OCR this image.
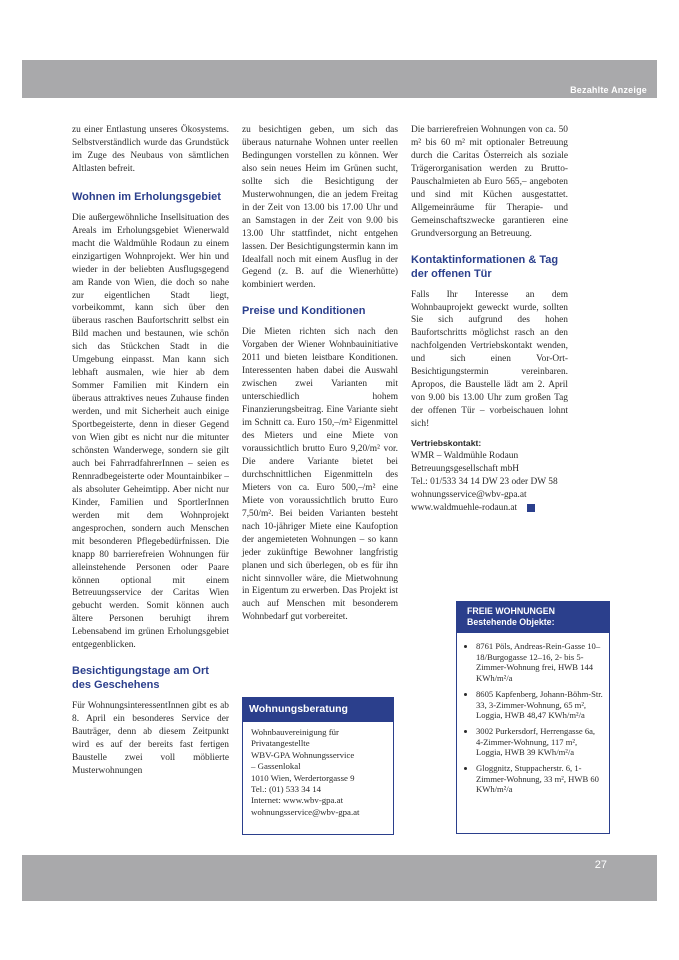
Bezahlte Anzeige

zu einer Entlastung unseres Ökosystems. Selbstverständlich wurde das Grundstück im Zuge des Neubaus von sämtlichen Altlasten befreit.

Wohnen im Erholungsgebiet

Die außergewöhnliche Insellsituation des Areals im Erholungsgebiet Wienerwald macht die Waldmühle Rodaun zu einem einzigartigen Wohnprojekt. Wer hin und wieder in der beliebten Ausflugsgegend am Rande von Wien, die doch so nahe zur eigentlichen Stadt liegt, vorbeikommt, kann sich über den überaus raschen Baufortschritt selbst ein Bild machen und bestaunen, wie schön sich das Stückchen Stadt in die Umgebung einpasst. Man kann sich lebhaft ausmalen, wie hier ab dem Sommer Familien mit Kindern ein überaus attraktives neues Zuhause finden werden, und mit Sicherheit auch einige Sportbegeisterte, denn in dieser Gegend von Wien gibt es nicht nur die mitunter schönsten Wanderwege, sondern sie gilt auch bei FahrradfahrerInnen – seien es Rennradbegeisterte oder Mountainbiker – als absoluter Geheimtipp. Aber nicht nur Kinder, Familien und SportlerInnen werden mit dem Wohnprojekt angesprochen, sondern auch Menschen mit besonderen Pflegebedürfnissen. Die knapp 80 barrierefreien Wohnungen für alleinstehende Personen oder Paare können optional mit einem Betreuungsservice der Caritas Wien gebucht werden. Somit können auch ältere Personen beruhigt ihrem Lebensabend im grünen Erholungsgebiet entgegenblicken.

Besichtigungstage am Ort des Geschehens

Für WohnungsinteressentInnen gibt es ab 8. April ein besonderes Service der Bauträger, denn ab diesem Zeitpunkt wird es auf der bereits fast fertigen Baustelle zwei voll möblierte Musterwohnungen

zu besichtigen geben, um sich das überaus naturnahe Wohnen unter reellen Bedingungen vorstellen zu können. Wer also sein neues Heim im Grünen sucht, sollte sich die Besichtigung der Musterwohnungen, die an jedem Freitag in der Zeit von 13.00 bis 17.00 Uhr und an Samstagen in der Zeit von 9.00 bis 13.00 Uhr stattfindet, nicht entgehen lassen. Der Besichtigungstermin kann im Idealfall noch mit einem Ausflug in der Gegend (z. B. auf die Wienerhütte) kombiniert werden.

Preise und Konditionen

Die Mieten richten sich nach den Vorgaben der Wiener Wohnbauinitiative 2011 und bieten leistbare Konditionen. Interessenten haben dabei die Auswahl zwischen zwei Varianten mit unterschiedlich hohem Finanzierungsbeitrag. Eine Variante sieht im Schnitt ca. Euro 150,–/m² Eigenmittel des Mieters und eine Miete von voraussichtlich brutto Euro 9,20/m² vor. Die andere Variante bietet bei durchschnittlichen Eigenmitteln des Mieters von ca. Euro 500,–/m² eine Miete von voraussichtlich brutto Euro 7,50/m². Bei beiden Varianten besteht nach 10-jähriger Miete eine Kaufoption der angemieteten Wohnungen – so kann jeder zukünftige Bewohner langfristig planen und sich überlegen, ob es für ihn nicht sinnvoller wäre, die Mietwohnung in Eigentum zu erwerben. Das Projekt ist auch auf Menschen mit besonderem Wohnbedarf gut vorbereitet.

Die barrierefreien Wohnungen von ca. 50 m² bis 60 m² mit optionaler Betreuung durch die Caritas Österreich als soziale Trägerorganisation werden zu Brutto-Pauschalmieten ab Euro 565,– angeboten und sind mit Küchen ausgestattet. Allgemeinräume für Therapie- und Gemeinschaftszwecke garantieren eine Grundversorgung an Betreuung.

Kontaktinformationen & Tag der offenen Tür

Falls Ihr Interesse an dem Wohnbauprojekt geweckt wurde, sollten Sie sich aufgrund des hohen Baufortschritts möglichst rasch an den nachfolgenden Vertriebskontakt wenden, und sich einen Vor-Ort-Besichtigungstermin vereinbaren. Apropos, die Baustelle lädt am 2. April von 9.00 bis 13.00 Uhr zum großen Tag der offenen Tür – vorbeischauen lohnt sich!

Vertriebskontakt:
WMR – Waldmühle Rodaun
Betreuungsgesellschaft mbH
Tel.: 01/533 34 14 DW 23 oder DW 58
wohnungsservice@wbv-gpa.at
www.waldmuehle-rodaun.at
Wohnungsberatung
Wohnbauvereinigung für
Privatangestellte
WBV-GPA Wohnungsservice
– Gassenlokal
1010 Wien, Werdertorgasse 9
Tel.: (01) 533 34 14
Internet: www.wbv-gpa.at
wohnungsservice@wbv-gpa.at
FREIE WOHNUNGEN
Bestehende Objekte:
• 8761 Pöls, Andreas-Rein-Gasse 10–18/Burgogasse 12–16, 2- bis 5-Zimmer-Wohnung frei, HWB 144 KWh/m²/a
• 8605 Kapfenberg, Johann-Böhm-Str. 33, 3-Zimmer-Wohnung, 65 m², Loggia, HWB 48,47 KWh/m²/a
• 3002 Purkersdorf, Herrengasse 6a, 4-Zimmer-Wohnung, 117 m², Loggia, HWB 39 KWh/m²/a
• Gloggnitz, Stuppacherstr. 6, 1-Zimmer-Wohnung, 33 m², HWB 60 KWh/m²/a
27
